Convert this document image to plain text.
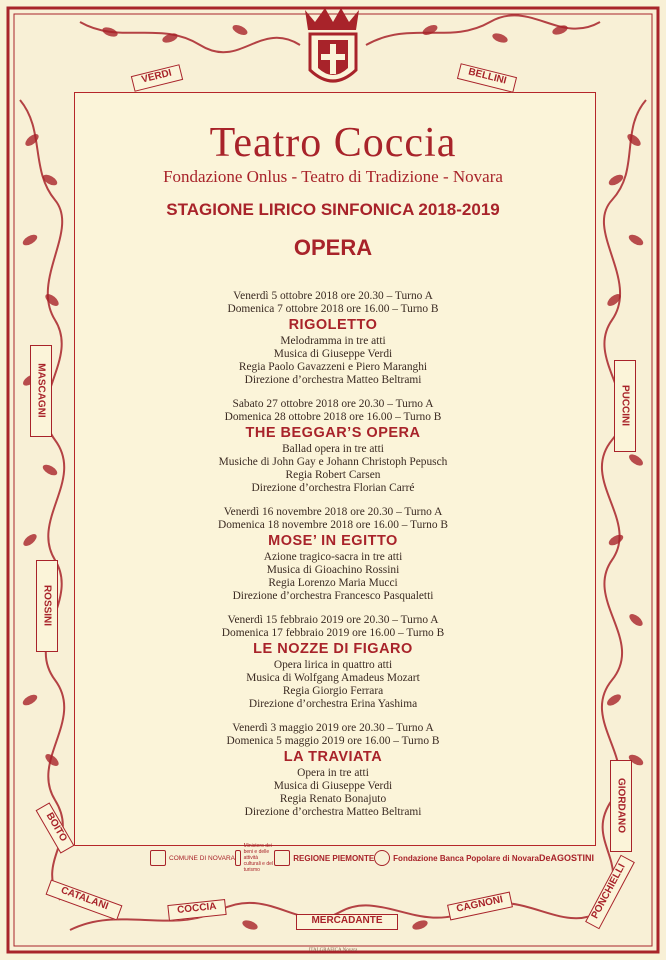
VERDI	BELLINI
MASCAGNI
ROSSINI
PUCCINI
GIORDANO
BOITO
CATALANI	COCCIA
MERCADANTE
CAGNONI	PONCHIELLI
Teatro Coccia
Fondazione Onlus - Teatro di Tradizione - Novara
STAGIONE LIRICO SINFONICA 2018-2019
OPERA
Venerdì 5 ottobre 2018 ore 20.30 – Turno A
Domenica 7 ottobre 2018 ore 16.00 – Turno B
RIGOLETTO
Melodramma in tre atti
Musica di Giuseppe Verdi
Regia Paolo Gavazzeni e Piero Maranghi
Direzione d’orchestra Matteo Beltrami
Sabato 27 ottobre 2018 ore 20.30 – Turno A
Domenica 28 ottobre 2018 ore 16.00 – Turno B
THE BEGGAR’S OPERA
Ballad opera in tre atti
Musiche di John Gay e Johann Christoph Pepusch
Regia Robert Carsen
Direzione d’orchestra Florian Carré
Venerdì 16 novembre 2018 ore 20.30 – Turno A
Domenica 18 novembre 2018 ore 16.00 – Turno B
MOSE’ IN EGITTO
Azione tragico-sacra in tre atti
Musica di Gioachino Rossini
Regia Lorenzo Maria Mucci
Direzione d’orchestra Francesco Pasqualetti
Venerdì 15 febbraio 2019 ore 20.30 – Turno A
Domenica 17 febbraio 2019 ore 16.00 – Turno B
LE NOZZE DI FIGARO
Opera lirica in quattro atti
Musica di Wolfgang Amadeus Mozart
Regia Giorgio Ferrara
Direzione d’orchestra Erina Yashima
Venerdì 3 maggio 2019 ore 20.30 – Turno A
Domenica 5 maggio 2019 ore 16.00 – Turno B
LA TRAVIATA
Opera in tre atti
Musica di Giuseppe Verdi
Regia Renato Bonajuto
Direzione d’orchestra Matteo Beltrami
COMUNE DI NOVARA
Ministero dei beni e delle attività culturali e del turismo
REGIONE PIEMONTE Fondazione Banca Popolare di Novara DeAGOSTINI
ITALGRAFICA Novara
